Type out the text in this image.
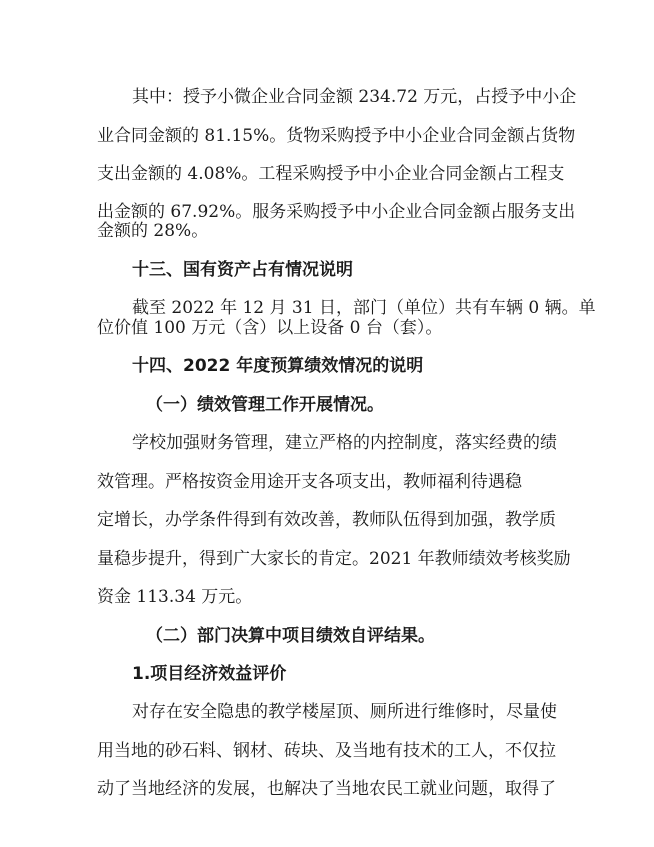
其中：授予小微企业合同金额 234.72 万元，占授予中小企
业合同金额的 81.15%。货物采购授予中小企业合同金额占货物
支出金额的 4.08%。工程采购授予中小企业合同金额占工程支
出金额的 67.92%。服务采购授予中小企业合同金额占服务支出
金额的 28%。
十三、国有资产占有情况说明
截至 2022 年 12 月 31 日，部门（单位）共有车辆 0 辆。单
位价值 100 万元（含）以上设备 0 台（套）。
十四、2022 年度预算绩效情况的说明
（一）绩效管理工作开展情况。
学校加强财务管理，建立严格的内控制度，落实经费的绩
效管理。严格按资金用途开支各项支出，教师福利待遇稳
定增长，办学条件得到有效改善，教师队伍得到加强，教学质
量稳步提升，得到广大家长的肯定。2021 年教师绩效考核奖励
资金 113.34 万元。
（二）部门决算中项目绩效自评结果。
1.项目经济效益评价
对存在安全隐患的教学楼屋顶、厕所进行维修时，尽量使
用当地的砂石料、钢材、砖块、及当地有技术的工人，不仅拉
动了当地经济的发展，也解决了当地农民工就业问题，取得了
